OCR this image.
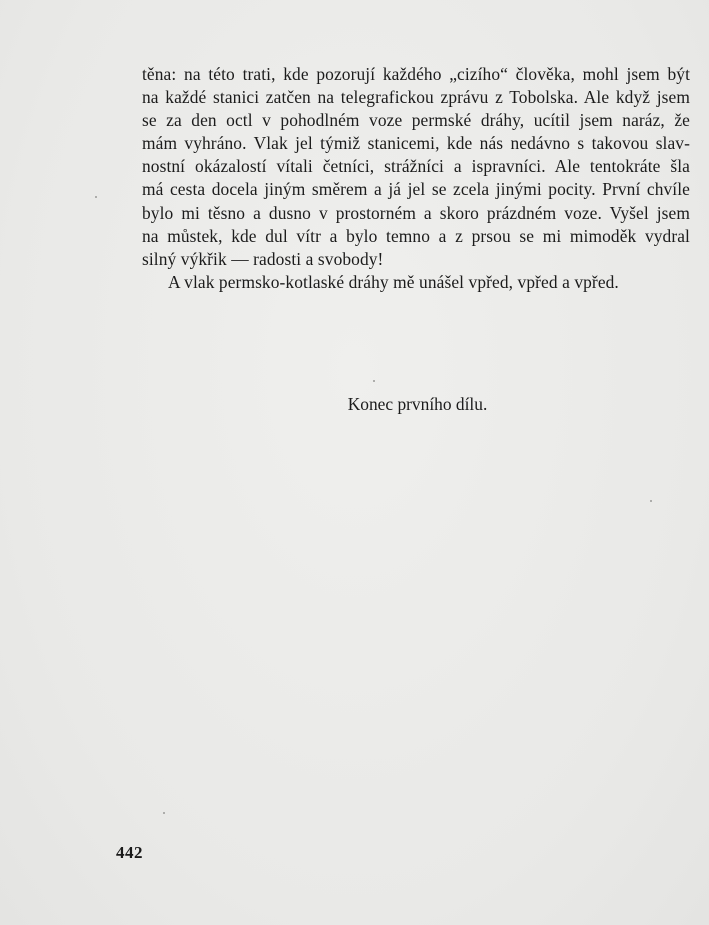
těna: na této trati, kde pozorují každého „cizího“ člověka, mohl jsem být
na každé stanici zatčen na telegrafickou zprávu z Tobolska. Ale když jsem
se za den octl v pohodlném voze permské dráhy, ucítil jsem naráz, že
mám vyhráno. Vlak jel týmiž stanicemi, kde nás nedávno s takovou slav-
nostní okázalostí vítali četníci, strážníci a ispravníci. Ale tentokráte šla
má cesta docela jiným směrem a já jel se zcela jinými pocity. První chvíle
bylo mi těsno a dusno v prostorném a skoro prázdném voze. Vyšel jsem
na můstek, kde dul vítr a bylo temno a z prsou se mi mimoděk vydral
silný výkřik — radosti a svobody!
A vlak permsko-kotlaské dráhy mě unášel vpřed, vpřed a vpřed.
Konec prvního dílu.
442
